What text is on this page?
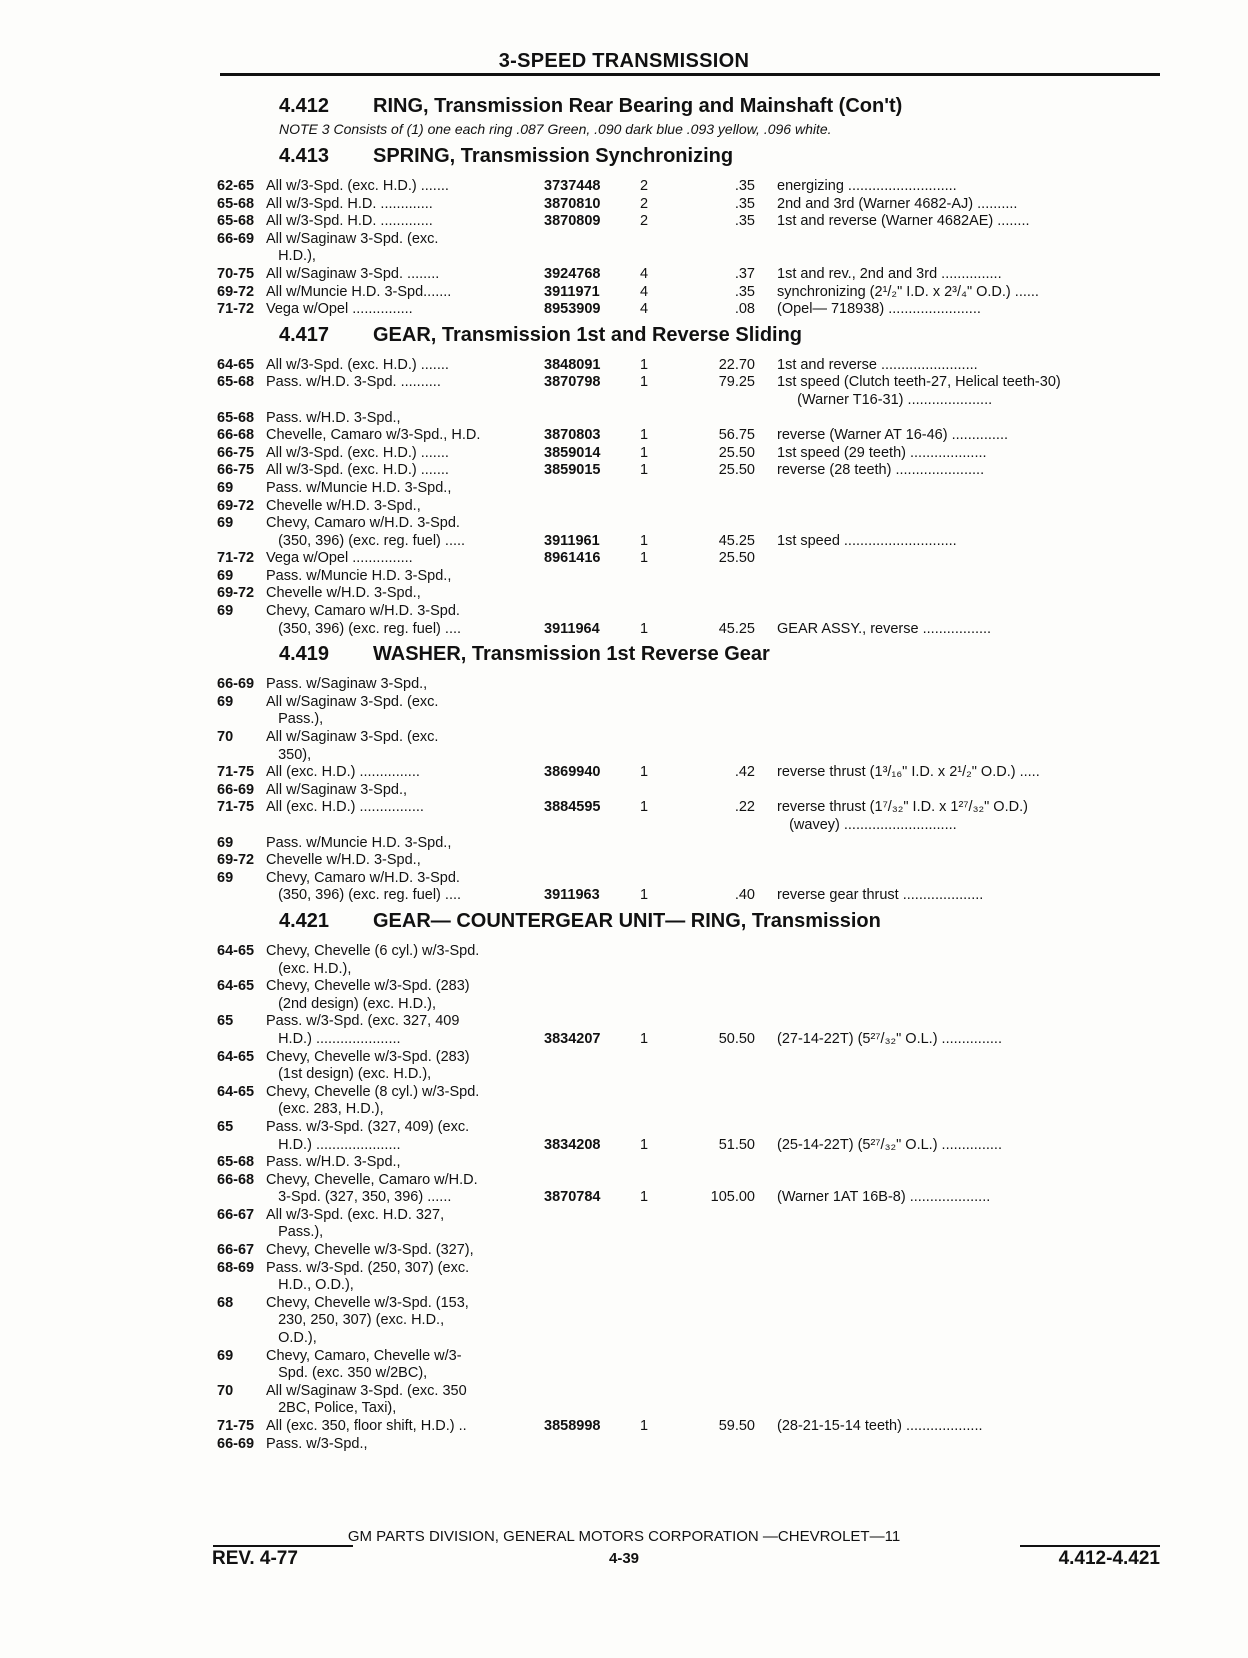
3-SPEED TRANSMISSION
4.412	RING, Transmission Rear Bearing and Mainshaft (Con't)
NOTE 3 Consists of (1) one each ring .087 Green, .090 dark blue .093 yellow, .096 white.
4.413	SPRING, Transmission Synchronizing
62-65 All w/3-Spd. (exc. H.D.) .......	3737448	2	.35	energizing ...........................
65-68 All w/3-Spd. H.D. .............	3870810	2	.35	2nd and 3rd (Warner 4682-AJ) ..........
65-68 All w/3-Spd. H.D. .............	3870809	2	.35	1st and reverse (Warner 4682AE) ........
66-69 All w/Saginaw 3-Spd. (exc.
H.D.),
70-75 All w/Saginaw 3-Spd. ........	3924768	4	.37	1st and rev., 2nd and 3rd ...............
69-72 All w/Muncie H.D. 3-Spd.......	3911971	4	.35	synchronizing (2¹/₂" I.D. x 2³/₄" O.D.) ......
71-72 Vega w/Opel ...............	8953909	4	.08	(Opel— 718938) .......................
4.417	GEAR, Transmission 1st and Reverse Sliding
64-65 All w/3-Spd. (exc. H.D.) .......	3848091	1	22.70	1st and reverse ........................
65-68 Pass. w/H.D. 3-Spd. ..........	3870798	1	79.25	1st speed (Clutch teeth-27, Helical teeth-30)
(Warner T16-31) .....................
65-68 Pass. w/H.D. 3-Spd.,
66-68 Chevelle, Camaro w/3-Spd., H.D.	3870803	1	56.75	reverse (Warner AT 16-46) ..............
66-75 All w/3-Spd. (exc. H.D.) .......	3859014	1	25.50	1st speed (29 teeth) ...................
66-75 All w/3-Spd. (exc. H.D.) .......	3859015	1	25.50	reverse (28 teeth) ......................
69	Pass. w/Muncie H.D. 3-Spd.,
69-72 Chevelle w/H.D. 3-Spd.,
69	Chevy, Camaro w/H.D. 3-Spd.
(350, 396) (exc. reg. fuel) .....	3911961	1	45.25	1st speed ............................
71-72 Vega w/Opel ...............	8961416	1	25.50
69	Pass. w/Muncie H.D. 3-Spd.,
69-72 Chevelle w/H.D. 3-Spd.,
69	Chevy, Camaro w/H.D. 3-Spd.
(350, 396) (exc. reg. fuel) ....	3911964	1	45.25	GEAR ASSY., reverse .................
4.419	WASHER, Transmission 1st Reverse Gear
66-69 Pass. w/Saginaw 3-Spd.,
69	All w/Saginaw 3-Spd. (exc.
Pass.),
70	All w/Saginaw 3-Spd. (exc.
350),
71-75 All (exc. H.D.) ...............	3869940	1	.42	reverse thrust (1³/₁₆" I.D. x 2¹/₂" O.D.) .....
66-69 All w/Saginaw 3-Spd.,
71-75 All (exc. H.D.) ................	3884595	1	.22	reverse thrust (1⁷/₃₂" I.D. x 1²⁷/₃₂" O.D.)
(wavey) ............................
69	Pass. w/Muncie H.D. 3-Spd.,
69-72 Chevelle w/H.D. 3-Spd.,
69	Chevy, Camaro w/H.D. 3-Spd.
(350, 396) (exc. reg. fuel) ....	3911963	1	.40	reverse gear thrust ....................
4.421	GEAR— COUNTERGEAR UNIT— RING, Transmission
64-65 Chevy, Chevelle (6 cyl.) w/3-Spd.
(exc. H.D.),
64-65 Chevy, Chevelle w/3-Spd. (283)
(2nd design) (exc. H.D.),
65	Pass. w/3-Spd. (exc. 327, 409
H.D.) .....................	3834207	1	50.50	(27-14-22T) (5²⁷/₃₂" O.L.) ...............
64-65 Chevy, Chevelle w/3-Spd. (283)
(1st design) (exc. H.D.),
64-65 Chevy, Chevelle (8 cyl.) w/3-Spd.
(exc. 283, H.D.),
65	Pass. w/3-Spd. (327, 409) (exc.
H.D.) .....................	3834208	1	51.50	(25-14-22T) (5²⁷/₃₂" O.L.) ...............
65-68 Pass. w/H.D. 3-Spd.,
66-68 Chevy, Chevelle, Camaro w/H.D.
3-Spd. (327, 350, 396) ......	3870784	1	105.00	(Warner 1AT 16B-8) ....................
66-67 All w/3-Spd. (exc. H.D. 327,
Pass.),
66-67 Chevy, Chevelle w/3-Spd. (327),
68-69 Pass. w/3-Spd. (250, 307) (exc.
H.D., O.D.),
68	Chevy, Chevelle w/3-Spd. (153,
230, 250, 307) (exc. H.D.,
O.D.),
69	Chevy, Camaro, Chevelle w/3-
Spd. (exc. 350 w/2BC),
70	All w/Saginaw 3-Spd. (exc. 350
2BC, Police, Taxi),
71-75 All (exc. 350, floor shift, H.D.) ..	3858998	1	59.50	(28-21-15-14 teeth) ...................
66-69 Pass. w/3-Spd.,
GM PARTS DIVISION, GENERAL MOTORS CORPORATION —CHEVROLET—11
REV. 4-77	4-39	4.412-4.421
